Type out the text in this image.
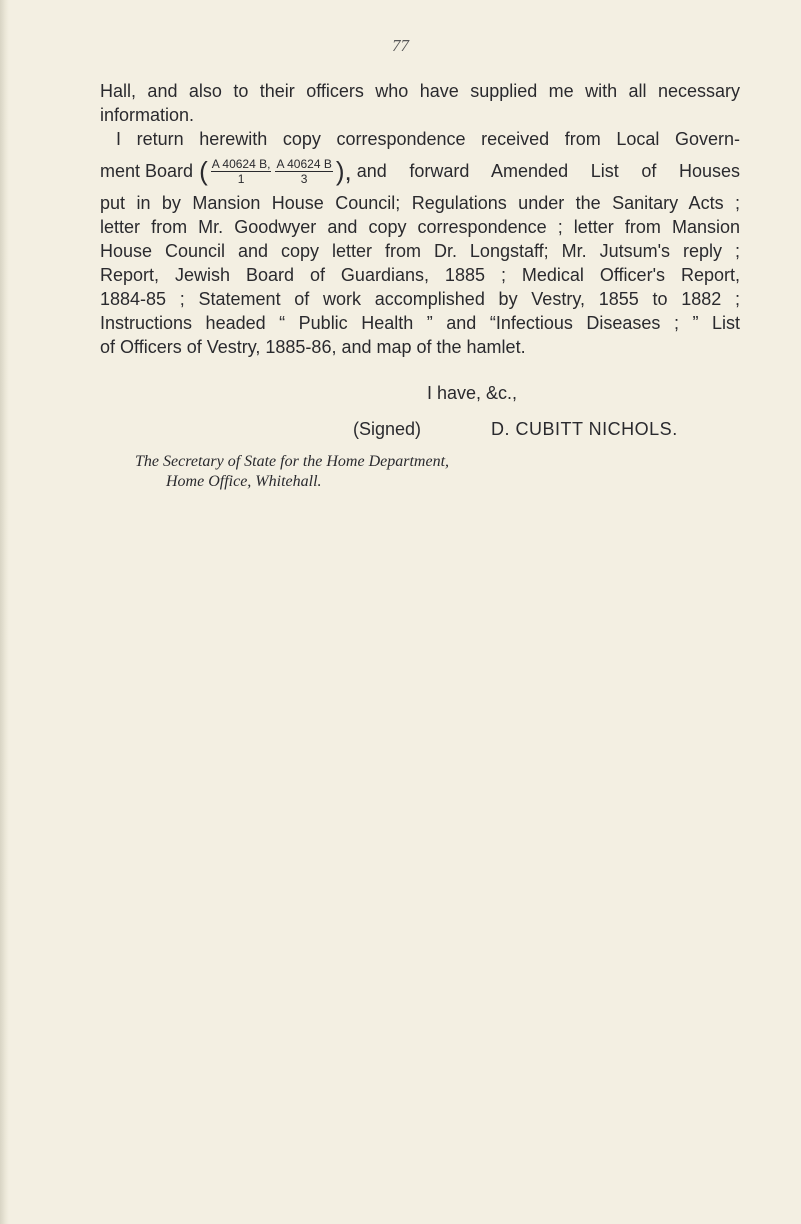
77
Hall, and also to their officers who have supplied me with all necessary
information.
I return herewith copy correspondence received from Local Govern-
ment Board ( $\frac{A 40624 B,}{1} \frac{A 40624 B}{3}$ ), and forward Amended List of Houses
put in by Mansion House Council; Regulations under the Sanitary Acts ;
letter from Mr. Goodwyer and copy correspondence ; letter from Mansion
House Council and copy letter from Dr. Longstaff; Mr. Jutsum's reply ;
Report, Jewish Board of Guardians, 1885 ; Medical Officer's Report,
1884-85 ; Statement of work accomplished by Vestry, 1855 to 1882 ;
Instructions headed “ Public Health ” and “Infectious Diseases ; ” List
of Officers of Vestry, 1885-86, and map of the hamlet.
I have, &c.,
(Signed)	D. CUBITT NICHOLS.
The Secretary of State for the Home Department,
Home Office, Whitehall.
